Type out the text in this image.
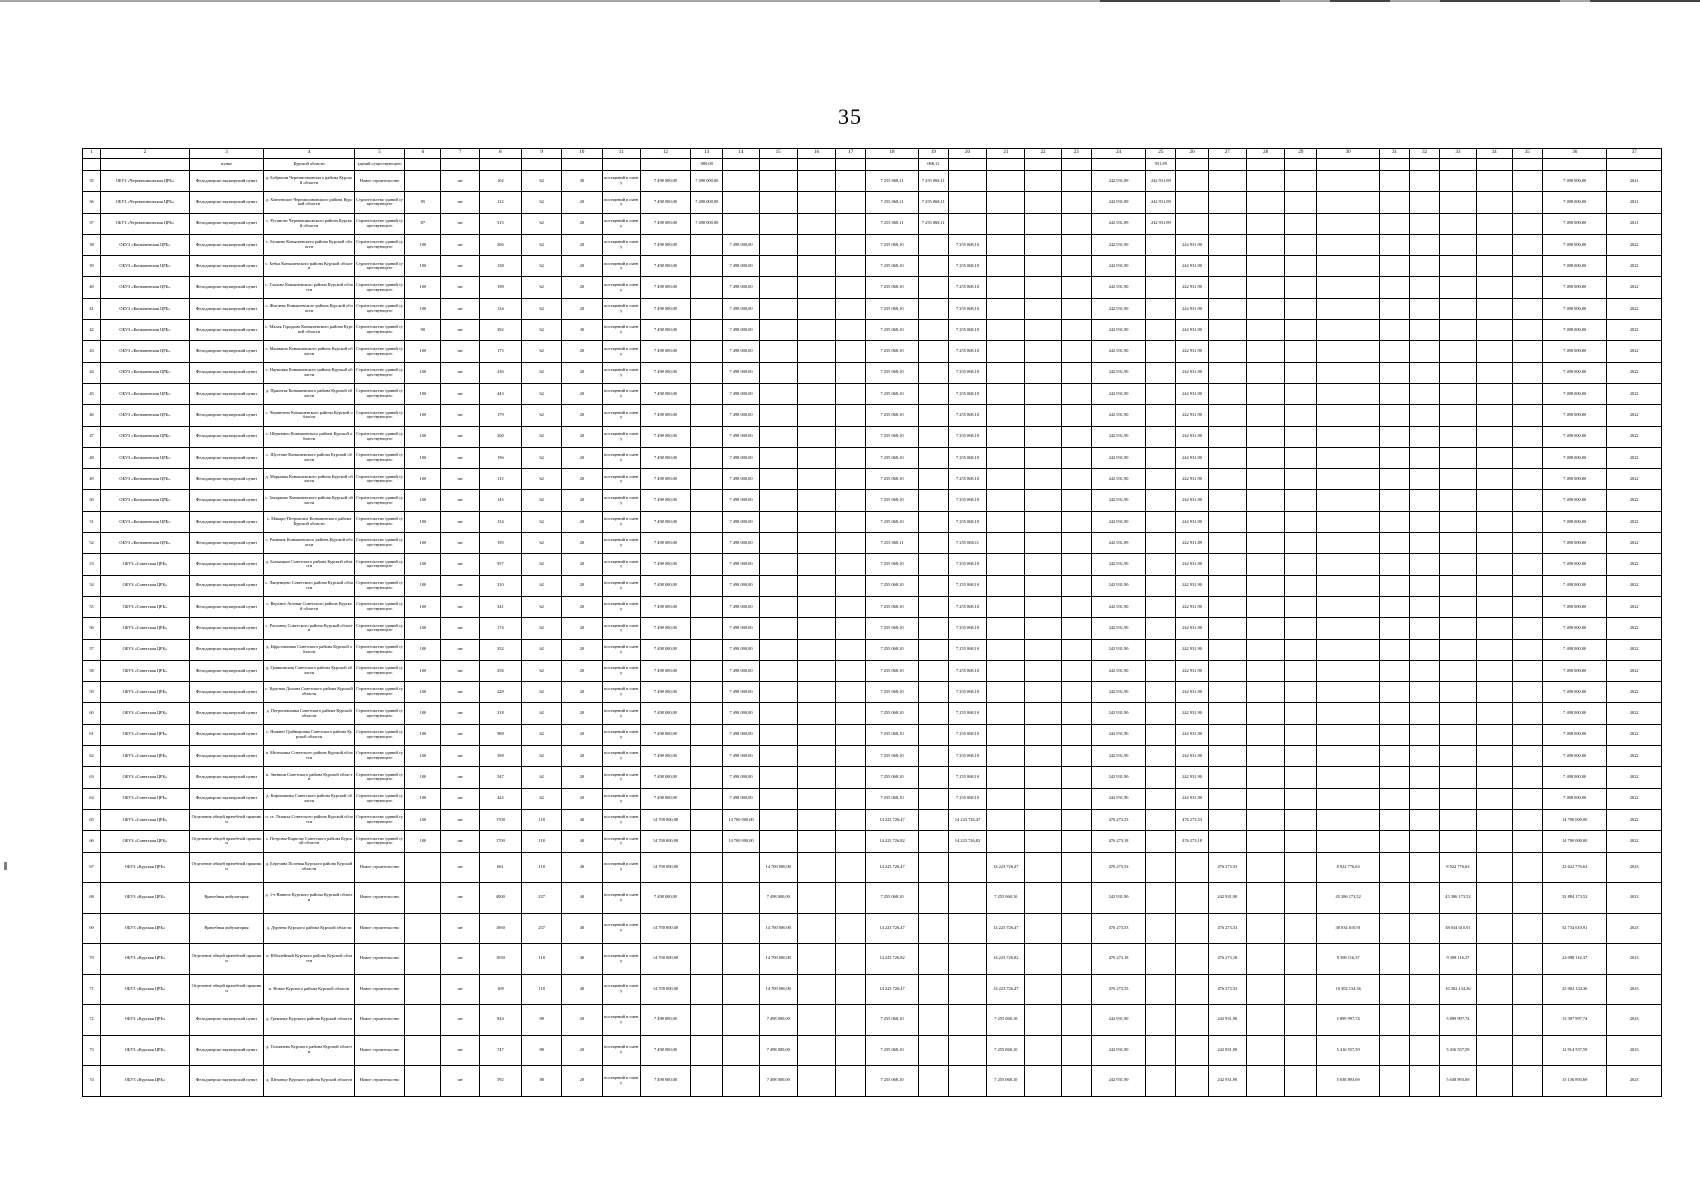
35
1	2	3	4	5	6	7	8	9	10	11	12	13	14	15	16	17	18	19	20	21	22	23	24	25	26	27	28	29	30	31	32	33	34	35	36	37
		пункт	Курской области	зданий существующего								000,00						068,11						931,89												
35	ОБУЗ «Черемисиновская ЦРБ»	Фельдшерско-акушерский пункт	д. Бобрыши Черемисиновского района Курской области	Новое строительство		шт	102	62	30	посещений в смену	7 498 000,00	7 498 000,00					7 255 068,11	7 255 068,11					242 931,89	242 931,89											7 498 000,00	2021
36	ОБУЗ «Черемисиновская ЦРБ»	Фельдшерско-акушерский пункт	д. Хмелевское Черемисиновского района Курской области	Строительство зданий существующего	85	шт	122	62	20	посещений в смену	7 498 000,00	7 498 000,00					7 255 068,11	7 255 068,11					242 931,89	242 931,89											7 498 000,00	2021
37	ОБУЗ «Черемисиновская ЦРБ»	Фельдшерско-акушерский пункт	с. Русаново Черемисиновского района Курской области	Строительство зданий существующего	87	шт	515	62	20	посещений в смену	7 498 000,00	7 498 000,00					7 255 068,11	7 255 068,11					242 931,89	242 931,89											7 498 000,00	2021
38	ОБУЗ «Конышевская ЦРБ»	Фельдшерско-акушерский пункт	с. Беляево Конышевского района Курской области	Строительство зданий существующего	100	шт	206	62	20	посещений в смену	7 498 000,00		7 498 000,00				7 255 068,10		7 255 068,10				242 931,90		242 931,90										7 498 000,00	2022
39	ОБУЗ «Конышевская ЦРБ»	Фельдшерско-акушерский пункт	с. Бебка Конышевского района Курской области	Строительство зданий существующего	100	шт	138	62	20	посещений в смену	7 498 000,00		7 498 000,00				7 255 068,10		7 255 068,10				242 931,90		242 931,90										7 498 000,00	2022
40	ОБУЗ «Конышевская ЦРБ»	Фельдшерско-акушерский пункт	с. Глазово Конышевского района Курской области	Строительство зданий существующего	100	шт	198	62	20	посещений в смену	7 498 000,00		7 498 000,00				7 255 068,10		7 255 068,10				242 931,90		242 931,90										7 498 000,00	2022
41	ОБУЗ «Конышевская ЦРБ»	Фельдшерско-акушерский пункт	с. Жигаево Конышевского района Курской области	Строительство зданий существующего	100	шт	134	62	20	посещений в смену	7 498 000,00		7 498 000,00				7 255 068,10		7 255 068,10				242 931,90		242 931,90										7 498 000,00	2022
42	ОБУЗ «Конышевская ЦРБ»	Фельдшерско-акушерский пункт	с. Малая Городьма Конышевского района Курской области	Строительство зданий существующего	90	шт	392	62	30	посещений в смену	7 498 000,00		7 498 000,00				7 255 068,10		7 255 068,10				242 931,90		242 931,90										7 498 000,00	2022
43	ОБУЗ «Конышевская ЦРБ»	Фельдшерско-акушерский пункт	с. Машкино Конышевского района Курской области	Строительство зданий существующего	100	шт	175	62	20	посещений в смену	7 498 000,00		7 498 000,00				7 255 068,10		7 255 068,10				242 931,90		242 931,90										7 498 000,00	2022
44	ОБУЗ «Конышевская ЦРБ»	Фельдшерско-акушерский пункт	с. Наумовка Конышевского района Курской области	Строительство зданий существующего	100	шт	230	62	20	посещений в смену	7 498 000,00		7 498 000,00				7 255 068,10		7 255 068,10				242 931,90		242 931,90										7 498 000,00	2022
45	ОБУЗ «Конышевская ЦРБ»	Фельдшерско-акушерский пункт	д. Прилепы Конышевского района Курской области	Строительство зданий существующего	100	шт	443	62	20	посещений в смену	7 498 000,00		7 498 000,00				7 255 068,10		7 255 068,10				242 931,90		242 931,90										7 498 000,00	2022
46	ОБУЗ «Конышевская ЦРБ»	Фельдшерско-акушерский пункт	с. Черничено Конышевского района Курской области	Строительство зданий существующего	100	шт	179	62	20	посещений в смену	7 498 000,00		7 498 000,00				7 255 068,10		7 255 068,10				242 931,90		242 931,90										7 498 000,00	2022
47	ОБУЗ «Конышевская ЦРБ»	Фельдшерско-акушерский пункт	с. Шерекино Конышевского района Курской области	Строительство зданий существующего	100	шт	200	62	20	посещений в смену	7 498 000,00		7 498 000,00				7 255 068,10		7 255 068,10				242 931,90		242 931,90										7 498 000,00	2022
48	ОБУЗ «Конышевская ЦРБ»	Фельдшерско-акушерский пункт	с. Шустово Конышевского района Курской области	Строительство зданий существующего	100	шт	196	62	20	посещений в смену	7 498 000,00		7 498 000,00				7 255 068,10		7 255 068,10				242 931,90		242 931,90										7 498 000,00	2022
49	ОБУЗ «Конышевская ЦРБ»	Фельдшерско-акушерский пункт	д. Марьевка Конышевского района Курской области	Строительство зданий существующего	100	шт	115	62	20	посещений в смену	7 498 000,00		7 498 000,00				7 255 068,10		7 255 068,10				242 931,90		242 931,90										7 498 000,00	2022
50	ОБУЗ «Конышевская ЦРБ»	Фельдшерско-акушерский пункт	с. Захарково Конышевского района Курской области	Строительство зданий существующего	100	шт	145	62	20	посещений в смену	7 498 000,00		7 498 000,00				7 255 068,10		7 255 068,10				242 931,90		242 931,90										7 498 000,00	2022
51	ОБУЗ «Конышевская ЦРБ»	Фельдшерско-акушерский пункт	с. Макаро-Петровское Конышевского района Курской области	Строительство зданий существующего	100	шт	134	62	20	посещений в смену	7 498 000,00		7 498 000,00				7 255 068,10		7 255 068,10				242 931,90		242 931,90										7 498 000,00	2022
52	ОБУЗ «Конышевская ЦРБ»	Фельдшерско-акушерский пункт	с. Ржавчик Конышевского района Курской области	Строительство зданий существующего	100	шт	195	62	20	посещений в смену	7 498 000,00		7 498 000,00				7 255 068,11		7 255 068,11				242 931,89		242 931,89										7 498 000,00	2022
53	ОБУЗ «Советская ЦРБ»	Фельдшерско-акушерский пункт	д. Бахмацкое Советского района Курской области	Строительство зданий существующего	100	шт	957	62	20	посещений в смену	7 498 000,00		7 498 000,00				7 255 068,10		7 255 068,10				242 931,90		242 931,90										7 498 000,00	2022
54	ОБУЗ «Советская ЦРБ»	Фельдшерско-акушерский пункт	с. Лященцево Советского района Курской области	Строительство зданий существующего	100	шт	310	62	20	посещений в смену	7 498 000,00		7 498 000,00				7 255 068,10		7 255 068,10				242 931,90		242 931,90										7 498 000,00	2022
55	ОБУЗ «Советская ЦРБ»	Фельдшерско-акушерский пункт	с. Верхнее Апочки Советского района Курской области	Строительство зданий существующего	100	шт	341	62	20	посещений в смену	7 498 000,00		7 498 000,00				7 255 068,10		7 255 068,10				242 931,90		242 931,90										7 498 000,00	2022
56	ОБУЗ «Советская ЦРБ»	Фельдшерско-акушерский пункт	с. Расховец Советского района Курской области	Строительство зданий существующего	100	шт	174	62	20	посещений в смену	7 498 000,00		7 498 000,00				7 255 068,10		7 255 068,10				242 931,90		242 931,90										7 498 000,00	2022
57	ОБУЗ «Советская ЦРБ»	Фельдшерско-акушерский пункт	д. Ефросимовка Советского района Курской области	Строительство зданий существующего	100	шт	352	62	20	посещений в смену	7 498 000,00		7 498 000,00				7 255 068,10		7 255 068,10				242 931,90		242 931,90										7 498 000,00	2022
58	ОБУЗ «Советская ЦРБ»	Фельдшерско-акушерский пункт	д. Гранкинская Советского района Курской области	Строительство зданий существующего	100	шт	256	62	20	посещений в смену	7 498 000,00		7 498 000,00				7 255 068,10		7 255 068,10				242 931,90		242 931,90										7 498 000,00	2022
59	ОБУЗ «Советская ЦРБ»	Фельдшерско-акушерский пункт	с. Красная Долина Советского района Курской области	Строительство зданий существующего	100	шт	428	62	20	посещений в смену	7 498 000,00		7 498 000,00				7 255 068,10		7 255 068,10				242 931,90		242 931,90										7 498 000,00	2022
60	ОБУЗ «Советская ЦРБ»	Фельдшерско-акушерский пункт	д. Петропавловка Советского района Курской области	Строительство зданий существующего	100	шт	318	62	20	посещений в смену	7 498 000,00		7 498 000,00				7 255 068,10		7 255 068,10				242 931,90		242 931,90										7 498 000,00	2022
61	ОБУЗ «Советская ЦРБ»	Фельдшерско-акушерский пункт	с. Нижнее Грайворонка Советского района Курской области	Строительство зданий существующего	100	шт	988	62	20	посещений в смену	7 498 000,00		7 498 000,00				7 255 068,10		7 255 068,10				242 931,90		242 931,90										7 498 000,00	2022
62	ОБУЗ «Советская ЦРБ»	Фельдшерско-акушерский пункт	п. Мелеховка Советского района Курской области	Строительство зданий существующего	100	шт	398	62	20	посещений в смену	7 498 000,00		7 498 000,00				7 255 068,10		7 255 068,10				242 931,90		242 931,90										7 498 000,00	2022
63	ОБУЗ «Советская ЦРБ»	Фельдшерско-акушерский пункт	п. Звеничи Советского района Курской области	Строительство зданий существующего	100	шт	547	62	20	посещений в смену	7 498 000,00		7 498 000,00				7 255 068,10		7 255 068,10				242 931,90		242 931,90										7 498 000,00	2022
64	ОБУЗ «Советская ЦРБ»	Фельдшерско-акушерский пункт	д. Кирпичинка Советского района Курской области	Строительство зданий существующего	100	шт	422	62	20	посещений в смену	7 498 000,00		7 498 000,00				7 255 068,10		7 255 068,10				242 931,90		242 931,90										7 498 000,00	2022
65	ОБУЗ «Советская ЦРБ»	Отделение общей врачебной практики	п. ст. Лешиха Советского района Курской области	Строительство зданий существующего	100	шт	1700	118	40	посещений в смену	14 700 000,00		14 700 000,00				14 223 726,47		14 223 726,47				476 273,53		476 273,53										14 700 000,00	2022
66	ОБУЗ «Советская ЦРБ»	Отделение общей врачебной практики	с. Петровы-Карпово Советского района Курской области	Строительство зданий существующего	100	шт	1700	118	40	посещений в смену	14 700 000,00		14 700 000,00				14 223 726,82		14 223 726,82				476 273,18		476 273,18										14 700 000,00	2022
67	ОБУЗ «Курская ЦРБ»	Отделение общей врачебной практики	д. Березина Полевая Курского района Курской области	Новое строительство		шт	661	118	40	посещений в смену	14 700 000,00			14 700 000,00			14 223 726,47			14 223 726,47			476 273,53			476 273,53			8 922 776,63			8 922 776,63			23 622 776,63	2023
68	ОБУЗ «Курская ЦРБ»	Врачебная амбулатория	д. 1-е Винное Курского района Курской области	Новое строительство		шт	4000	237	40	посещений в смену	7 498 000,00			7 498 000,00			7 255 068,10			7 255 068,10			242 931,90			242 931,90			45 386 173,52			45 386 173,52			52 884 173,52	2023
69	ОБУЗ «Курская ЦРБ»	Врачебная амбулатория	д. Дурнево Курского района Курской области	Новое строительство		шт	1060	237	40	посещений в смену	14 700 000,00			14 700 000,00			14 223 726,47			14 223 726,47			476 273,53			476 273,53			38 034 610,91			38 034 610,91			52 734 610,91	2023
70	ОБУЗ «Курская ЦРБ»	Отделение общей врачебной практики	п. Юбилейный Курского района Курской области	Новое строительство		шт	1050	118	40	посещений в смену	14 700 000,00			14 700 000,00			14 223 726,82			14 223 726,82			476 273,18			476 273,18			9 398 116,37			9 398 116,37			24 098 116,37	2023
71	ОБУЗ «Курская ЦРБ»	Отделение общей врачебной практики	п. Новое Курского района Курской области	Новое строительство		шт	108	118	40	посещений в смену	14 700 000,00			14 700 000,00			14 223 726,47			14 223 726,47			476 273,53			476 273,53			10 302 134,36			10 302 134,36			25 002 134,36	2023
72	ОБУЗ «Курская ЦРБ»	Фельдшерско-акушерский пункт	д. Гремячье Курского района Курской области	Новое строительство		шт	824	88	20	посещений в смену	7 498 000,00			7 498 000,00			7 255 068,10			7 255 068,10			242 931,90			242 931,90			5 899 997,74			5 899 997,74			13 397 997,74	2023
73	ОБУЗ «Курская ЦРБ»	Фельдшерско-акушерский пункт	д. Толмачево Курского района Курской области	Новое строительство		шт	747	88	20	посещений в смену	7 498 000,00			7 498 000,00			7 255 068,10			7 255 068,10			242 931,90			242 931,90			5 416 557,59			5 416 557,59			12 914 557,59	2023
74	ОБУЗ «Курская ЦРБ»	Фельдшерско-акушерский пункт	д. Шеховцо Курского района Курской области	Новое строительство		шт	592	88	20	посещений в смену	7 498 000,00			7 498 000,00			7 255 068,10			7 255 068,10			242 931,90			242 931,90			5 638 893,69			5 638 893,69			13 136 893,69	2023
